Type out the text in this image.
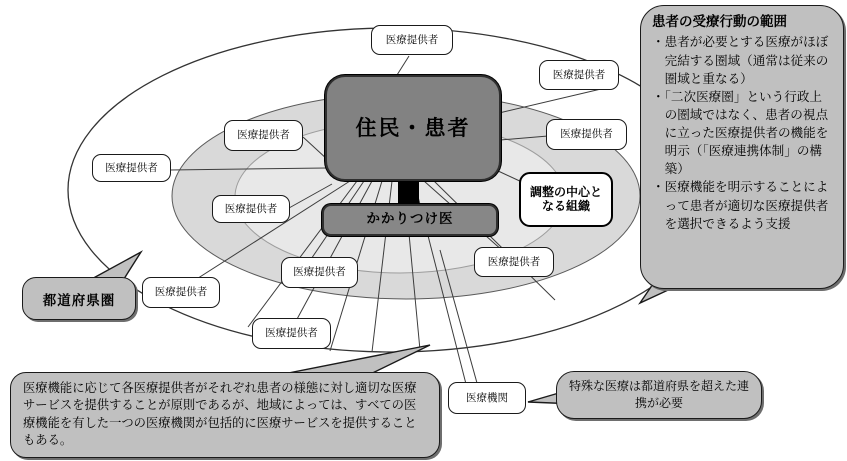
住民・患者
かかりつけ医
調整の中心となる組織
医療提供者
医療提供者
医療提供者
医療提供者
医療提供者
医療提供者
医療提供者
医療提供者
医療提供者
医療提供者
医療機関
都道府県圏
患者の受療行動の範囲
・患者が必要とする医療がほぼ完結する圏域（通常は従来の圏域と重なる）
・「二次医療圏」という行政上の圏域ではなく、患者の視点に立った医療提供者の機能を明示（「医療連携体制」の構築）
・医療機能を明示することによって患者が適切な医療提供者を選択できるよう支援
特殊な医療は都道府県を超えた連携が必要
医療機能に応じて各医療提供者がそれぞれ患者の様態に対し適切な医療サービスを提供することが原則であるが、地域によっては、すべての医療機能を有した一つの医療機関が包括的に医療サービスを提供することもある。
